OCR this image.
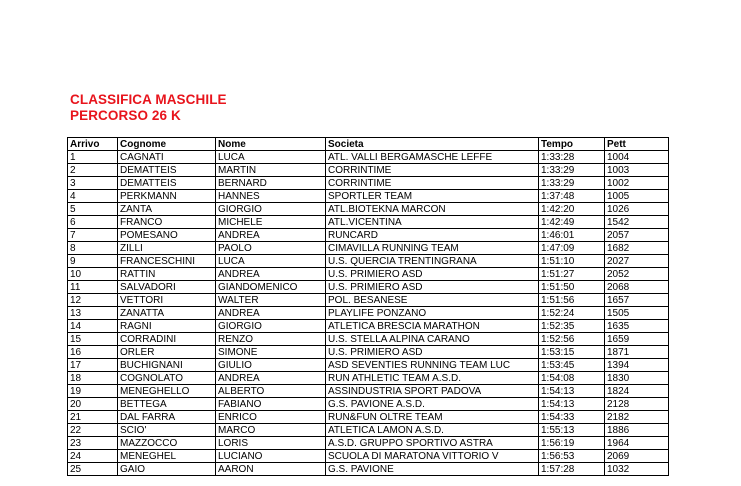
CLASSIFICA MASCHILE
PERCORSO 26 K
Arrivo	Cognome	Nome	Societa	Tempo	Pett
1	CAGNATI	LUCA	ATL. VALLI BERGAMASCHE LEFFE	1:33:28	1004
2	DEMATTEIS	MARTIN	CORRINTIME	1:33:29	1003
3	DEMATTEIS	BERNARD	CORRINTIME	1:33:29	1002
4	PERKMANN	HANNES	SPORTLER TEAM	1:37:48	1005
5	ZANTA	GIORGIO	ATL.BIOTEKNA MARCON	1:42:20	1026
6	FRANCO	MICHELE	ATL.VICENTINA	1:42:49	1542
7	POMESANO	ANDREA	RUNCARD	1:46:01	2057
8	ZILLI	PAOLO	CIMAVILLA RUNNING TEAM	1:47:09	1682
9	FRANCESCHINI	LUCA	U.S. QUERCIA TRENTINGRANA	1:51:10	2027
10	RATTIN	ANDREA	U.S. PRIMIERO ASD	1:51:27	2052
11	SALVADORI	GIANDOMENICO	U.S. PRIMIERO ASD	1:51:50	2068
12	VETTORI	WALTER	POL. BESANESE	1:51:56	1657
13	ZANATTA	ANDREA	PLAYLIFE PONZANO	1:52:24	1505
14	RAGNI	GIORGIO	ATLETICA BRESCIA MARATHON	1:52:35	1635
15	CORRADINI	RENZO	U.S. STELLA ALPINA CARANO	1:52:56	1659
16	ORLER	SIMONE	U.S. PRIMIERO ASD	1:53:15	1871
17	BUCHIGNANI	GIULIO	ASD SEVENTIES RUNNING TEAM LUC	1:53:45	1394
18	COGNOLATO	ANDREA	RUN ATHLETIC TEAM A.S.D.	1:54:08	1830
19	MENEGHELLO	ALBERTO	ASSINDUSTRIA SPORT PADOVA	1:54:13	1824
20	BETTEGA	FABIANO	G.S. PAVIONE A.S.D.	1:54:13	2128
21	DAL FARRA	ENRICO	RUN&FUN OLTRE TEAM	1:54:33	2182
22	SCIO'	MARCO	ATLETICA LAMON A.S.D.	1:55:13	1886
23	MAZZOCCO	LORIS	A.S.D. GRUPPO SPORTIVO ASTRA	1:56:19	1964
24	MENEGHEL	LUCIANO	SCUOLA DI MARATONA VITTORIO V	1:56:53	2069
25	GAIO	AARON	G.S. PAVIONE	1:57:28	1032
